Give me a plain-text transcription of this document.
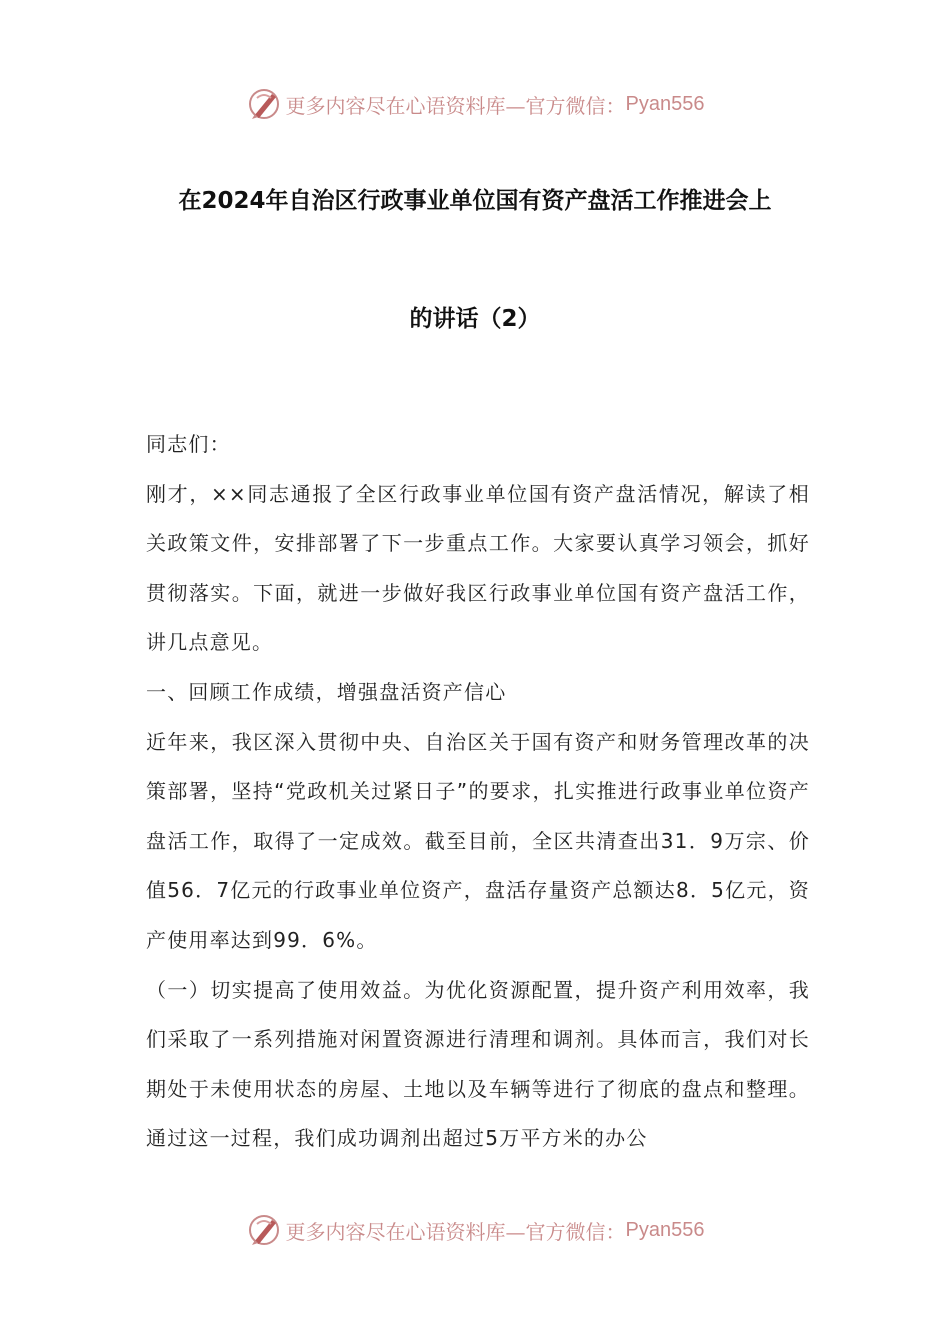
更多内容尽在心语资料库—官方微信： Pyan556
在2024年自治区行政事业单位国有资产盘活工作推进会上
的讲话（2）

同志们：

刚才，××同志通报了全区行政事业单位国有资产盘活情况，解读了相关政策文件，安排部署了下一步重点工作。大家要认真学习领会，抓好贯彻落实。下面，就进一步做好我区行政事业单位国有资产盘活工作，讲几点意见。

一、回顾工作成绩，增强盘活资产信心

近年来，我区深入贯彻中央、自治区关于国有资产和财务管理改革的决策部署，坚持“党政机关过紧日子”的要求，扎实推进行政事业单位资产盘活工作，取得了一定成效。截至目前，全区共清查出31．9万宗、价值56．7亿元的行政事业单位资产，盘活存量资产总额达8．5亿元，资产使用率达到99．6%。

（一）切实提高了使用效益。为优化资源配置，提升资产利用效率，我们采取了一系列措施对闲置资源进行清理和调剂。具体而言，我们对长期处于未使用状态的房屋、土地以及车辆等进行了彻底的盘点和整理。通过这一过程，我们成功调剂出超过5万平方米的办公

更多内容尽在心语资料库—官方微信： Pyan556
